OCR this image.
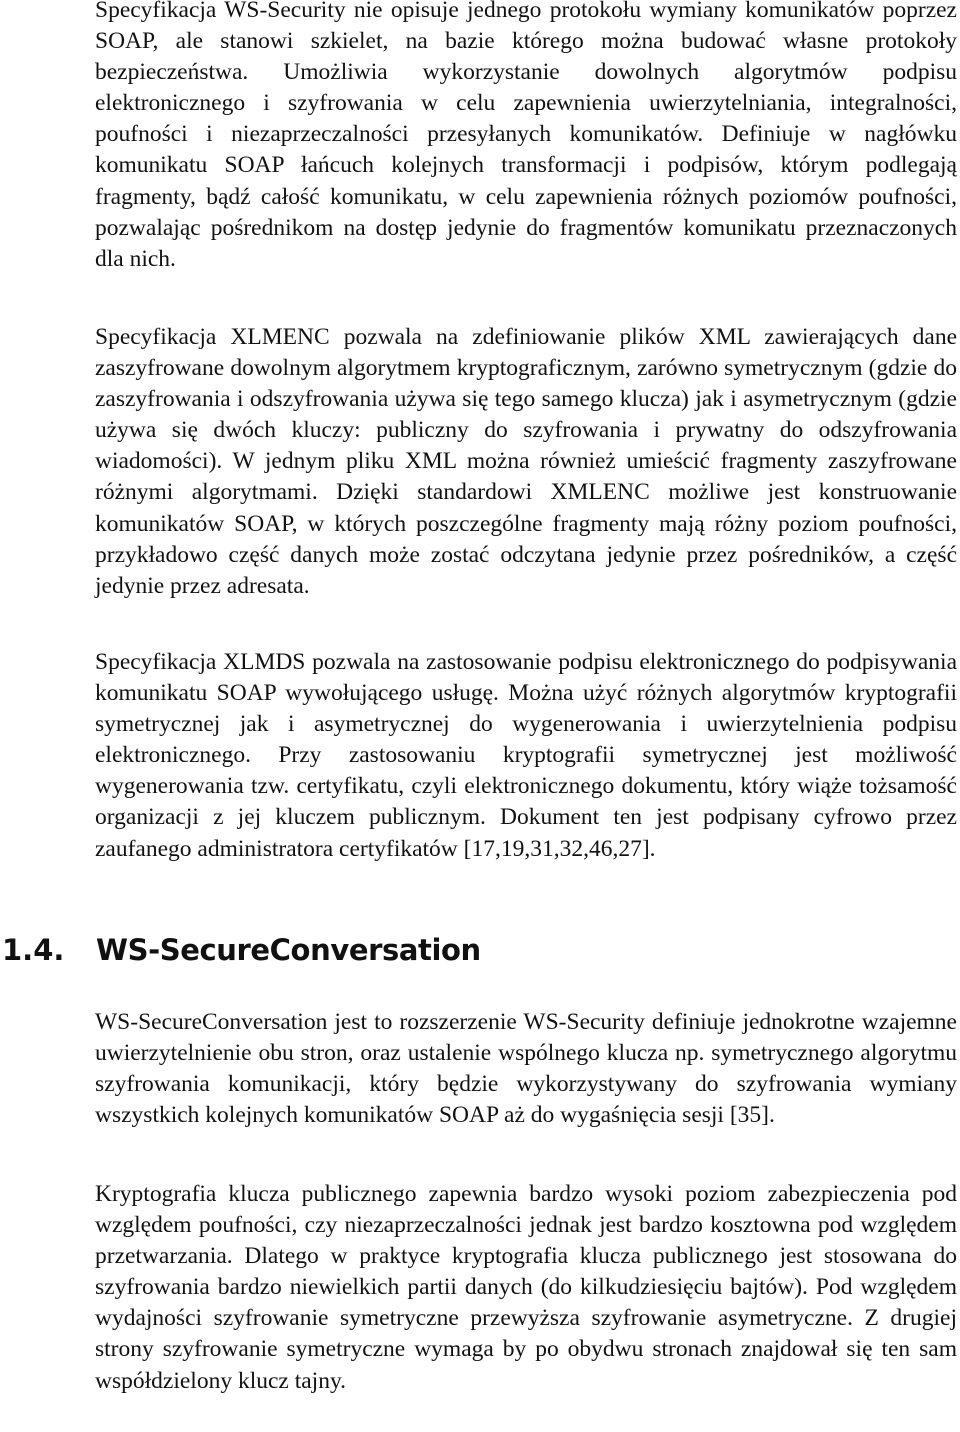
Specyfikacja WS-Security nie opisuje jednego protokołu wymiany komunikatów poprzez SOAP, ale stanowi szkielet, na bazie którego można budować własne protokoły bezpieczeństwa. Umożliwia wykorzystanie dowolnych algorytmów podpisu elektronicznego i szyfrowania w celu zapewnienia uwierzytelniania, integralności, poufności i niezaprzeczalności przesyłanych komunikatów. Definiuje w nagłówku komunikatu SOAP łańcuch kolejnych transformacji i podpisów, którym podlegają fragmenty, bądź całość komunikatu, w celu zapewnienia różnych poziomów poufności, pozwalając pośrednikom na dostęp jedynie do fragmentów komunikatu przeznaczonych dla nich.

Specyfikacja XLMENC pozwala na zdefiniowanie plików XML zawierających dane zaszyfrowane dowolnym algorytmem kryptograficznym, zarówno symetrycznym (gdzie do zaszyfrowania i odszyfrowania używa się tego samego klucza) jak i asymetrycznym (gdzie używa się dwóch kluczy: publiczny do szyfrowania i prywatny do odszyfrowania wiadomości). W jednym pliku XML można również umieścić fragmenty zaszyfrowane różnymi algorytmami. Dzięki standardowi XMLENC możliwe jest konstruowanie komunikatów SOAP, w których poszczególne fragmenty mają różny poziom poufności, przykładowo część danych może zostać odczytana jedynie przez pośredników, a część jedynie przez adresata.

Specyfikacja XLMDS pozwala na zastosowanie podpisu elektronicznego do podpisywania komunikatu SOAP wywołującego usługę. Można użyć różnych algorytmów kryptografii symetrycznej jak i asymetrycznej do wygenerowania i uwierzytelnienia podpisu elektronicznego. Przy zastosowaniu kryptografii symetrycznej jest możliwość wygenerowania tzw. certyfikatu, czyli elektronicznego dokumentu, który wiąże tożsamość organizacji z jej kluczem publicznym. Dokument ten jest podpisany cyfrowo przez zaufanego administratora certyfikatów [17,19,31,32,46,27].

1.4. WS-SecureConversation

WS-SecureConversation jest to rozszerzenie WS-Security definiuje jednokrotne wzajemne uwierzytelnienie obu stron, oraz ustalenie wspólnego klucza np. symetrycznego algorytmu szyfrowania komunikacji, który będzie wykorzystywany do szyfrowania wymiany wszystkich kolejnych komunikatów SOAP aż do wygaśnięcia sesji [35].

Kryptografia klucza publicznego zapewnia bardzo wysoki poziom zabezpieczenia pod względem poufności, czy niezaprzeczalności jednak jest bardzo kosztowna pod względem przetwarzania. Dlatego w praktyce kryptografia klucza publicznego jest stosowana do szyfrowania bardzo niewielkich partii danych (do kilkudziesięciu bajtów). Pod względem wydajności szyfrowanie symetryczne przewyższa szyfrowanie asymetryczne. Z drugiej strony szyfrowanie symetryczne wymaga by po obydwu stronach znajdował się ten sam współdzielony klucz tajny.
